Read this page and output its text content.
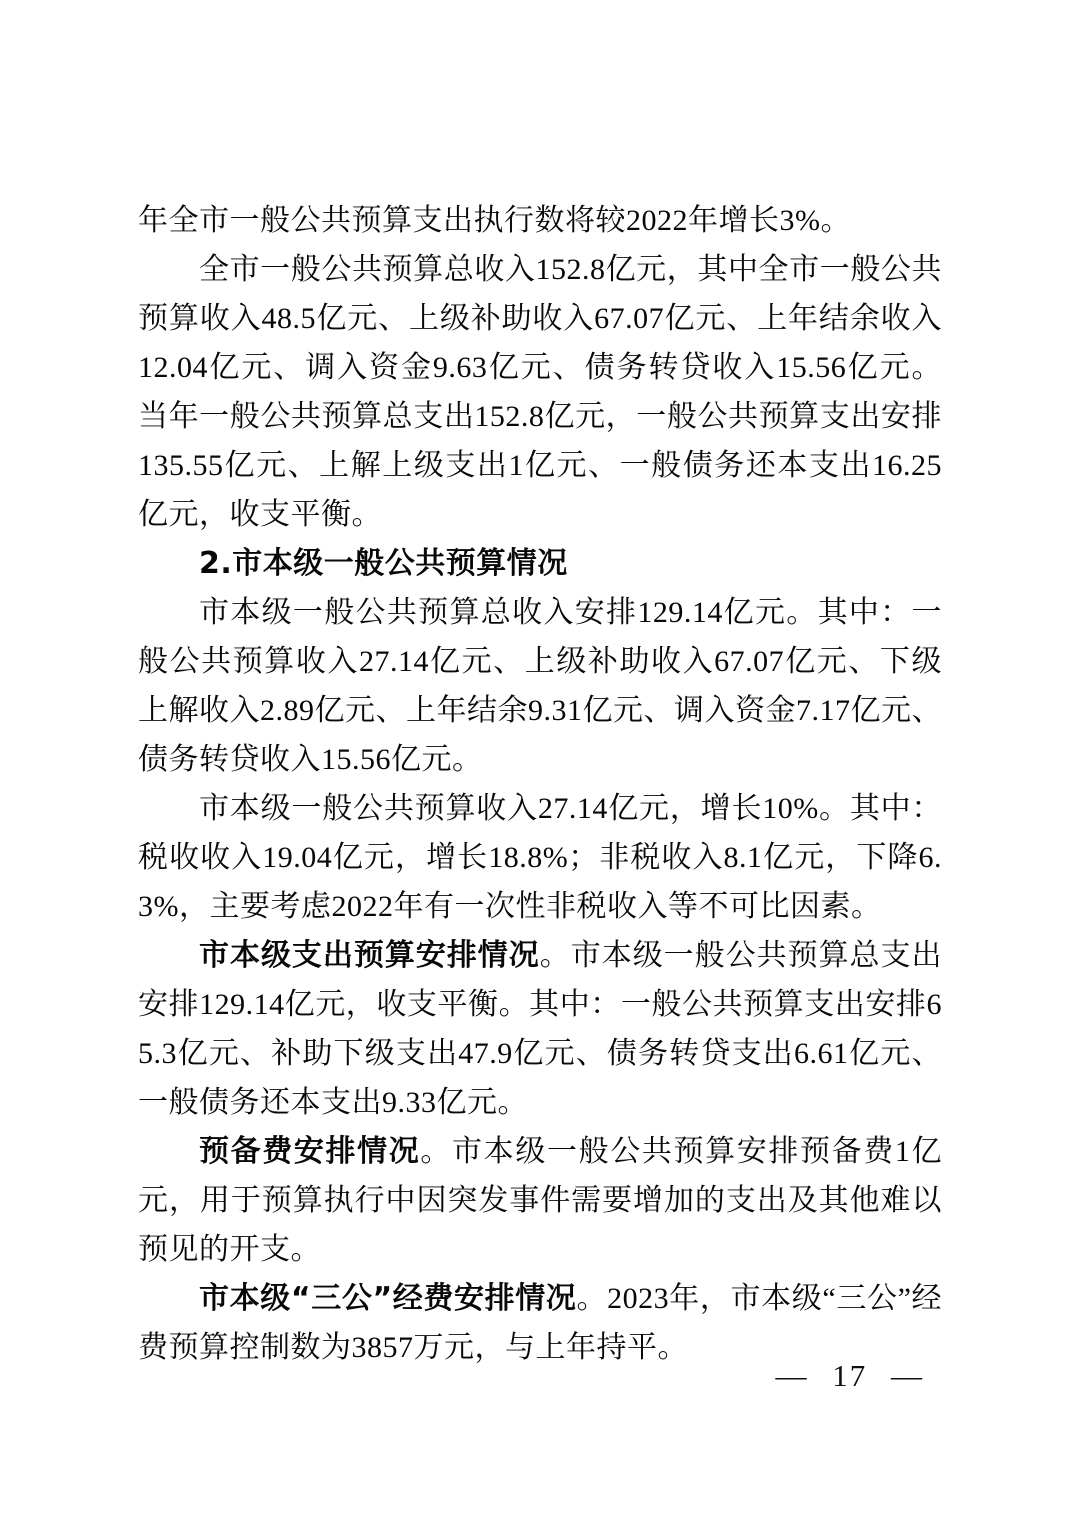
年全市一般公共预算支出执行数将较2022年增长3%。

全市一般公共预算总收入152.8亿元，其中全市一般公共预算收入48.5亿元、上级补助收入67.07亿元、上年结余收入12.04亿元、调入资金9.63亿元、债务转贷收入15.56亿元。当年一般公共预算总支出152.8亿元，一般公共预算支出安排135.55亿元、上解上级支出1亿元、一般债务还本支出16.25亿元，收支平衡。

2.市本级一般公共预算情况

市本级一般公共预算总收入安排129.14亿元。其中：一般公共预算收入27.14亿元、上级补助收入67.07亿元、下级上解收入2.89亿元、上年结余9.31亿元、调入资金7.17亿元、债务转贷收入15.56亿元。

市本级一般公共预算收入27.14亿元，增长10%。其中：税收收入19.04亿元，增长18.8%；非税收入8.1亿元，下降6.3%，主要考虑2022年有一次性非税收入等不可比因素。

市本级支出预算安排情况。市本级一般公共预算总支出安排129.14亿元，收支平衡。其中：一般公共预算支出安排65.3亿元、补助下级支出47.9亿元、债务转贷支出6.61亿元、一般债务还本支出9.33亿元。

预备费安排情况。市本级一般公共预算安排预备费1亿元，用于预算执行中因突发事件需要增加的支出及其他难以预见的开支。

市本级“三公”经费安排情况。2023年，市本级“三公”经费预算控制数为3857万元，与上年持平。

— 17 —
